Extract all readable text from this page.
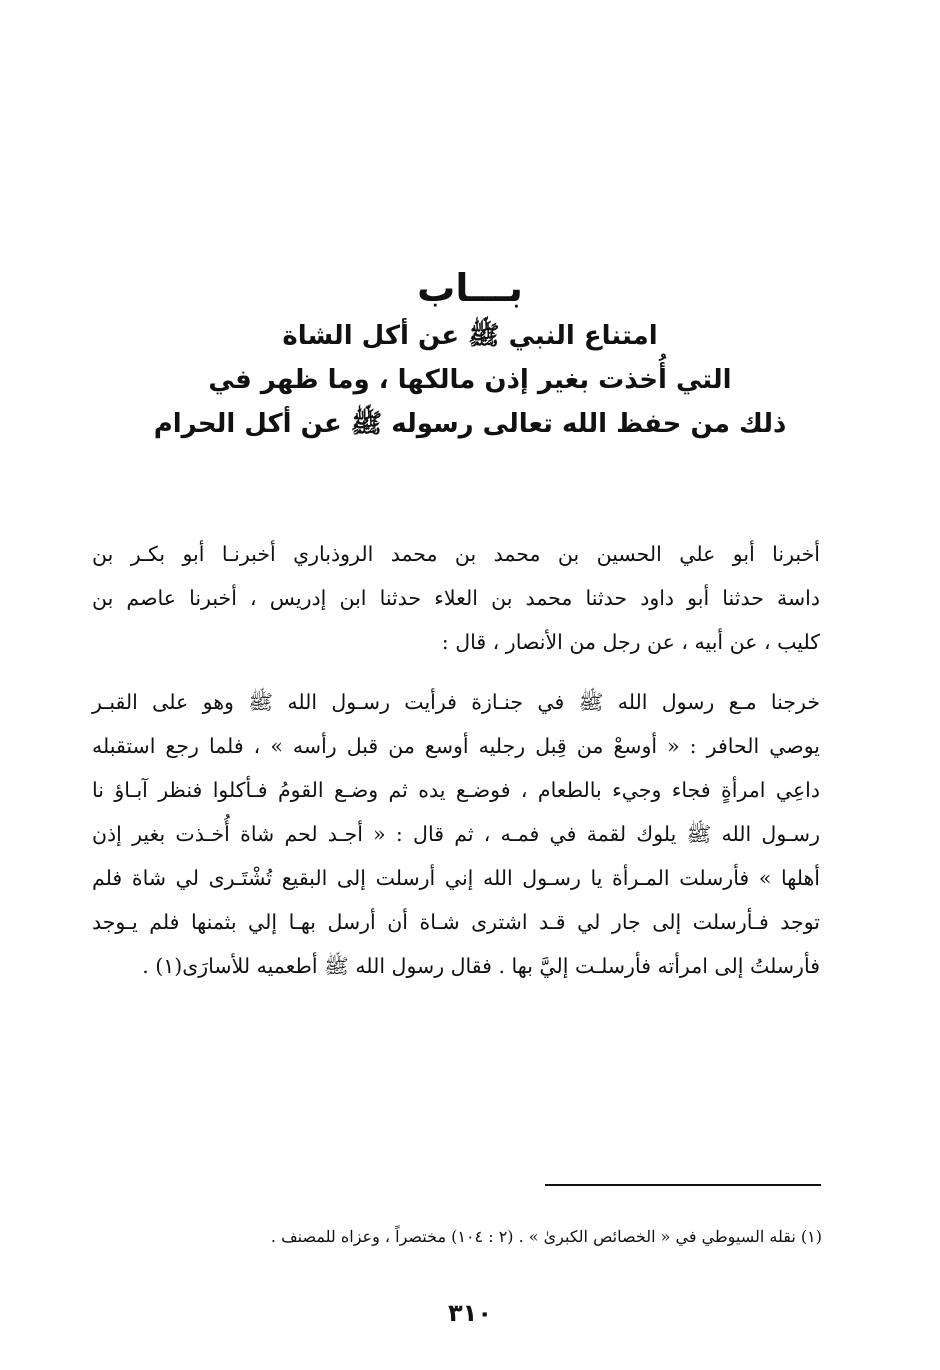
بـــاب
امتناع النبي ﷺ عن أكل الشاة
التي أُخذت بغير إذن مالكها ، وما ظهر في
ذلك من حفظ الله تعالى رسوله ﷺ عن أكل الحرام
أخبرنا أبو علي الحسين بن محمد بن محمد الروذباري أخبرنـا أبو بكـر بن
داسة حدثنا أبو داود حدثنا محمد بن العلاء حدثنا ابن إدريس ، أخبرنا عاصم بن
كليب ، عن أبيه ، عن رجل من الأنصار ، قال :
خرجنا مـع رسول الله ﷺ في جنـازة فرأيت رسـول الله ﷺ وهو على القبـر
يوصي الحافر : « أوسعْ من قِبل رجليه أوسع من قبل رأسه » ، فلما رجع استقبله
داعِي امرأةٍ فجاء وجيء بالطعام ، فوضـع يده ثم وضـع القومُ فـأكلوا فنظر آبـاؤ نا
رسـول الله ﷺ يلوك لقمة في فمـه ، ثم قال : « أجـد لحم شاة أُخـذت بغير إذن
أهلها » فأرسلت المـرأة يا رسـول الله إني أرسلت إلى البقيع تُشْتَـرى لي شاة فلم
توجد فـأرسلت إلى جار لي قـد اشترى شـاة أن أرسل بهـا إلي بثمنها فلم يـوجد
فأرسلتُ إلى امرأته فأرسلـت إليَّ بها . فقال رسول الله ﷺ أطعميه للأسارَى(١) .
(١) نقله السيوطي في « الخصائص الكبرىٰ » . (٢ : ١٠٤) مختصراً ، وعزاه للمصنف .
٣١٠
